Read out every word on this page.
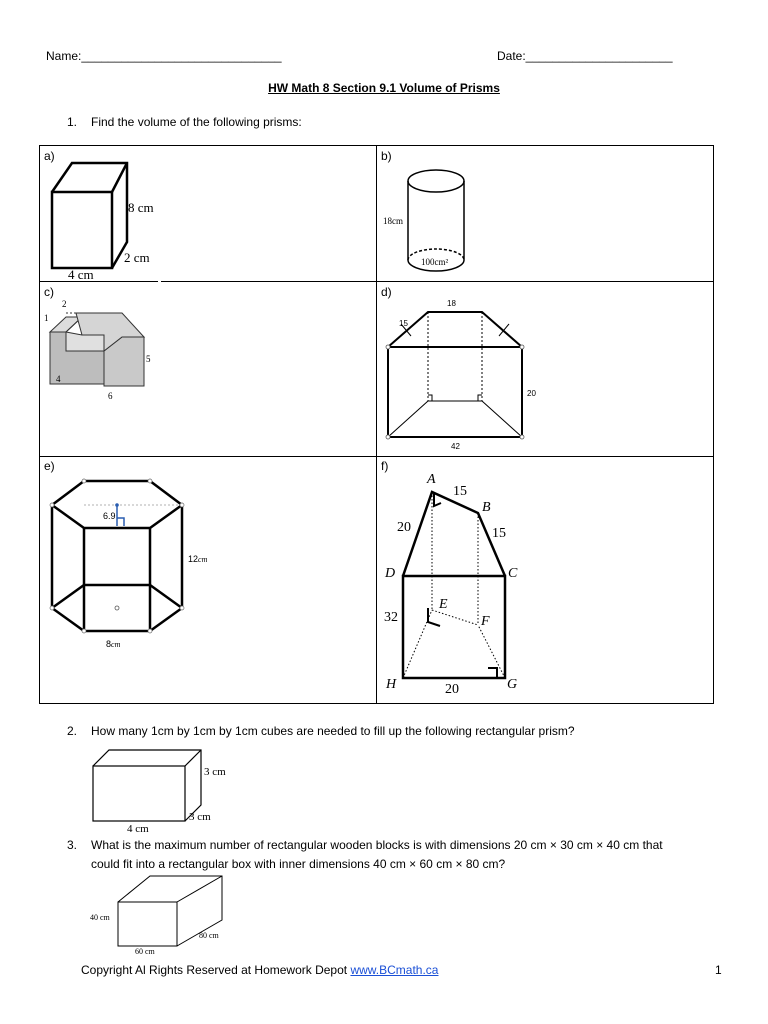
Name:______________________________	Date:______________________
HW Math 8 Section 9.1 Volume of Prisms
1. Find the volume of the following prisms:
a)	b)
c)	d)
e)	f)
8 cm
2 cm
4 cm
18cm
100cm²
2
1
5
4
6
18
15
20
42
6.9
12cm
8cm
A
B
C
D
E
F
G
H
15
20	15
32
20
2. How many 1cm by 1cm by 1cm cubes are needed to fill up the following rectangular prism?
3 cm
3 cm
4 cm
3. What is the maximum number of rectangular wooden blocks is with dimensions 20 cm × 30 cm × 40 cm that
could fit into a rectangular box with inner dimensions 40 cm × 60 cm × 80 cm?
40 cm
80 cm
60 cm
Copyright Al Rights Reserved at Homework Depot www.BCmath.ca	1
